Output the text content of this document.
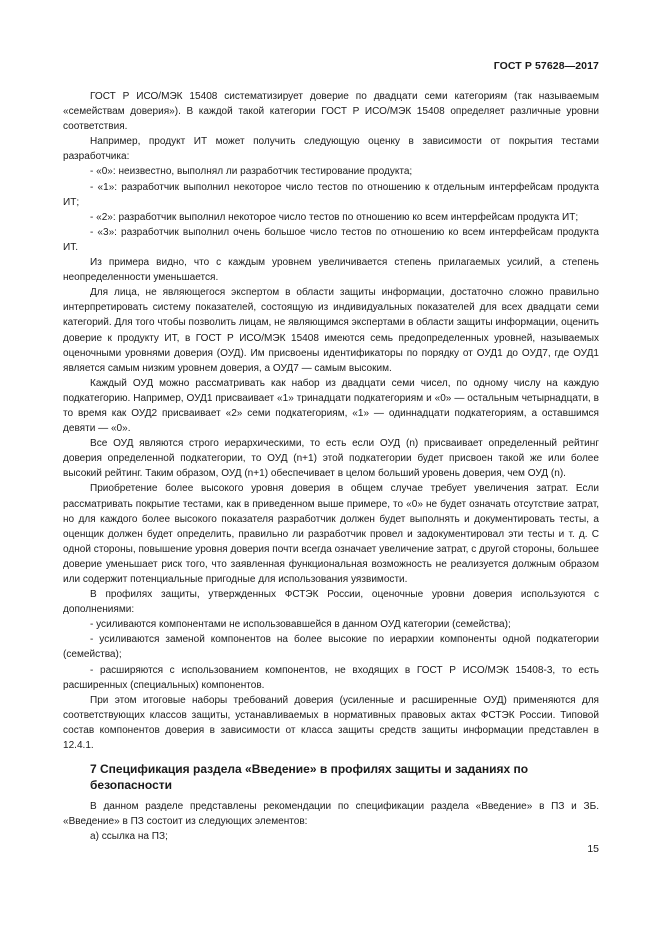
ГОСТ Р 57628—2017

ГОСТ Р ИСО/МЭК 15408 систематизирует доверие по двадцати семи категориям (так называемым «семействам доверия»). В каждой такой категории ГОСТ Р ИСО/МЭК 15408 определяет различные уровни соответствия.

Например, продукт ИТ может получить следующую оценку в зависимости от покрытия тестами разработчика:

- «0»: неизвестно, выполнял ли разработчик тестирование продукта;

- «1»: разработчик выполнил некоторое число тестов по отношению к отдельным интерфейсам продукта ИТ;

- «2»: разработчик выполнил некоторое число тестов по отношению ко всем интерфейсам продукта ИТ;

- «3»: разработчик выполнил очень большое число тестов по отношению ко всем интерфейсам продукта ИТ.

Из примера видно, что с каждым уровнем увеличивается степень прилагаемых усилий, а степень неопределенности уменьшается.

Для лица, не являющегося экспертом в области защиты информации, достаточно сложно правильно интерпретировать систему показателей, состоящую из индивидуальных показателей для всех двадцати семи категорий. Для того чтобы позволить лицам, не являющимся экспертами в области защиты информации, оценить доверие к продукту ИТ, в ГОСТ Р ИСО/МЭК 15408 имеются семь предопределенных уровней, называемых оценочными уровнями доверия (ОУД). Им присвоены идентификаторы по порядку от ОУД1 до ОУД7, где ОУД1 является самым низким уровнем доверия, а ОУД7 — самым высоким.

Каждый ОУД можно рассматривать как набор из двадцати семи чисел, по одному числу на каждую подкатегорию. Например, ОУД1 присваивает «1» тринадцати подкатегориям и «0» — остальным четырнадцати, в то время как ОУД2 присваивает «2» семи подкатегориям, «1» — одиннадцати подкатегориям, а оставшимся девяти — «0».

Все ОУД являются строго иерархическими, то есть если ОУД (n) присваивает определенный рейтинг доверия определенной подкатегории, то ОУД (n+1) этой подкатегории будет присвоен такой же или более высокий рейтинг. Таким образом, ОУД (n+1) обеспечивает в целом больший уровень доверия, чем ОУД (n).

Приобретение более высокого уровня доверия в общем случае требует увеличения затрат. Если рассматривать покрытие тестами, как в приведенном выше примере, то «0» не будет означать отсутствие затрат, но для каждого более высокого показателя разработчик должен будет выполнять и документировать тесты, а оценщик должен будет определить, правильно ли разработчик провел и задокументировал эти тесты и т. д. С одной стороны, повышение уровня доверия почти всегда означает увеличение затрат, с другой стороны, большее доверие уменьшает риск того, что заявленная функциональная возможность не реализуется должным образом или содержит потенциальные пригодные для использования уязвимости.

В профилях защиты, утвержденных ФСТЭК России, оценочные уровни доверия используются с дополнениями:

- усиливаются компонентами не использовавшейся в данном ОУД категории (семейства);

- усиливаются заменой компонентов на более высокие по иерархии компоненты одной подкатегории (семейства);

- расширяются с использованием компонентов, не входящих в ГОСТ Р ИСО/МЭК 15408-3, то есть расширенных (специальных) компонентов.

При этом итоговые наборы требований доверия (усиленные и расширенные ОУД) применяются для соответствующих классов защиты, устанавливаемых в нормативных правовых актах ФСТЭК России. Типовой состав компонентов доверия в зависимости от класса защиты средств защиты информации представлен в 12.4.1.

7 Спецификация раздела «Введение» в профилях защиты и заданиях по безопасности

В данном разделе представлены рекомендации по спецификации раздела «Введение» в ПЗ и ЗБ. «Введение» в ПЗ состоит из следующих элементов:

а) ссылка на ПЗ;

15
